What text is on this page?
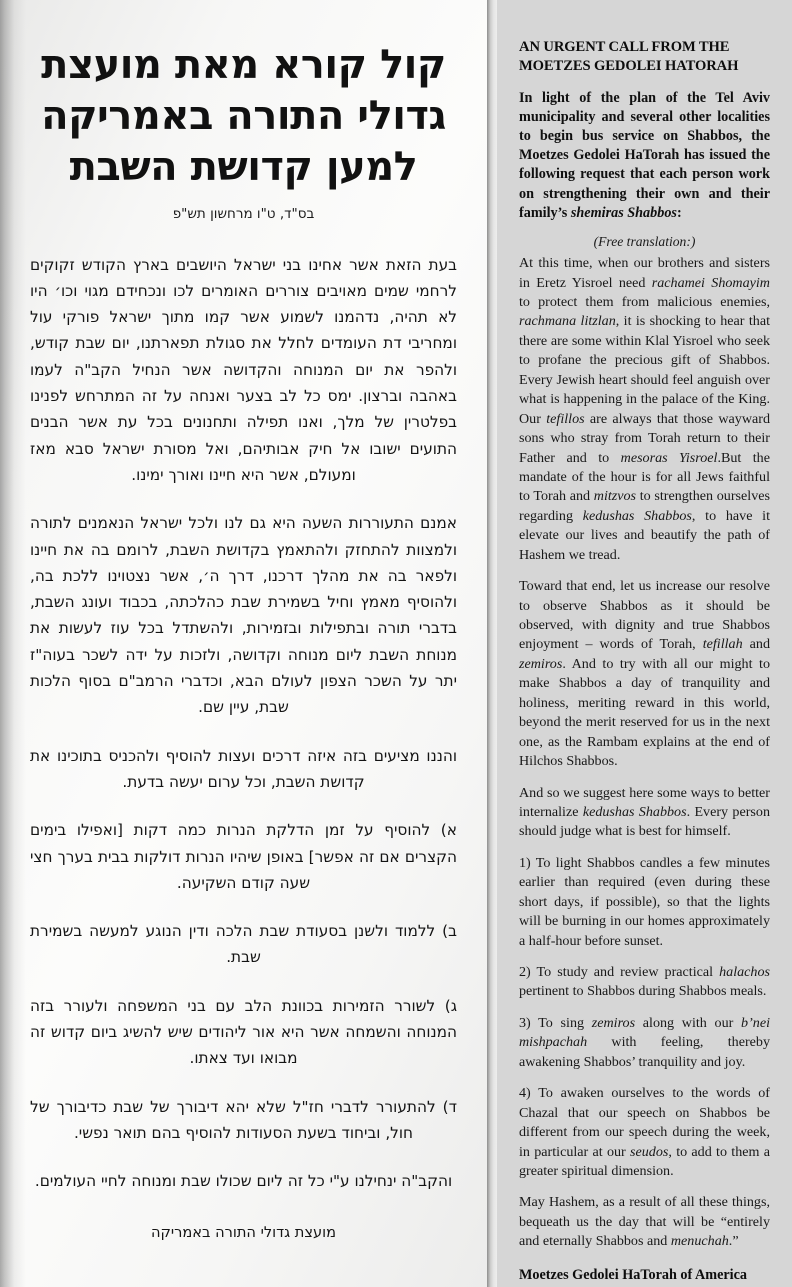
קול קורא מאת מועצת
גדולי התורה באמריקה
למען קדושת השבת
בס"ד, ט"ו מרחשון תש"פ

בעת הזאת אשר אחינו בני ישראל היושבים בארץ הקודש זקוקים לרחמי שמים מאויבים צוררים האומרים לכו ונכחידם מגוי וכו׳ היו לא תהיה, נדהמנו לשמוע אשר קמו מתוך ישראל פורקי עול ומחריבי דת העומדים לחלל את סגולת תפארתנו, יום שבת קודש, ולהפר את יום המנוחה והקדושה אשר הנחיל הקב"ה לעמו באהבה וברצון. ימס כל לב בצער ואנחה על זה המתרחש לפנינו בפלטרין של מלך, ואנו תפילה ותחנונים בכל עת אשר הבנים התועים ישובו אל חיק אבותיהם, ואל מסורת ישראל סבא מאז ומעולם, אשר היא חיינו ואורך ימינו.

אמנם התעוררות השעה היא גם לנו ולכל ישראל הנאמנים לתורה ולמצוות להתחזק ולהתאמץ בקדושת השבת, לרומם בה את חיינו ולפאר בה את מהלך דרכנו, דרך ה׳, אשר נצטוינו ללכת בה, ולהוסיף מאמץ וחיל בשמירת שבת כהלכתה, בכבוד ועונג השבת, בדברי תורה ובתפילות ובזמירות, ולהשתדל בכל עוז לעשות את מנוחת השבת ליום מנוחה וקדושה, ולזכות על ידה לשכר בעוה"ז יתר על השכר הצפון לעולם הבא, וכדברי הרמב"ם בסוף הלכות שבת, עיין שם.

והננו מציעים בזה איזה דרכים ועצות להוסיף ולהכניס בתוכינו את קדושת השבת, וכל ערום יעשה בדעת.

א) להוסיף על זמן הדלקת הנרות כמה דקות [ואפילו בימים הקצרים אם זה אפשר] באופן שיהיו הנרות דולקות בבית בערך חצי שעה קודם השקיעה.

ב) ללמוד ולשנן בסעודת שבת הלכה ודין הנוגע למעשה בשמירת שבת.

ג) לשורר הזמירות בכוונת הלב עם בני המשפחה ולעורר בזה המנוחה והשמחה אשר היא אור ליהודים שיש להשיג ביום קדוש זה מבואו ועד צאתו.

ד) להתעורר לדברי חז"ל שלא יהא דיבורך של שבת כדיבורך של חול, וביחוד בשעת הסעודות להוסיף בהם תואר נפשי.

והקב"ה ינחילנו ע"י כל זה ליום שכולו שבת ומנוחה לחיי העולמים.

מועצת גדולי התורה באמריקה
AN URGENT CALL FROM THE MOETZES GEDOLEI HATORAH

In light of the plan of the Tel Aviv municipality and several other localities to begin bus service on Shabbos, the Moetzes Gedolei HaTorah has issued the following request that each person work on strengthening their own and their family’s shemiras Shabbos:

(Free translation:)

At this time, when our brothers and sisters in Eretz Yisroel need rachamei Shomayim to protect them from malicious enemies, rachmana litzlan, it is shocking to hear that there are some within Klal Yisroel who seek to profane the precious gift of Shabbos. Every Jewish heart should feel anguish over what is happening in the palace of the King. Our tefillos are always that those wayward sons who stray from Torah return to their Father and to mesoras Yisroel.But the mandate of the hour is for all Jews faithful to Torah and mitzvos to strengthen ourselves regarding kedushas Shabbos, to have it elevate our lives and beautify the path of Hashem we tread.

Toward that end, let us increase our resolve to observe Shabbos as it should be observed, with dignity and true Shabbos enjoyment – words of Torah, tefillah and zemiros. And to try with all our might to make Shabbos a day of tranquility and holiness, meriting reward in this world, beyond the merit reserved for us in the next one, as the Rambam explains at the end of Hilchos Shabbos.

And so we suggest here some ways to better internalize kedushas Shabbos. Every person should judge what is best for himself.

1) To light Shabbos candles a few minutes earlier than required (even during these short days, if possible), so that the lights will be burning in our homes approximately a half-hour before sunset.

2) To study and review practical halachos pertinent to Shabbos during Shabbos meals.

3) To sing zemiros along with our b’nei mishpachah with feeling, thereby awakening Shabbos’ tranquility and joy.

4) To awaken ourselves to the words of Chazal that our speech on Shabbos be different from our speech during the week, in particular at our seudos, to add to them a greater spiritual dimension.

May Hashem, as a result of all these things, bequeath us the day that will be “entirely and eternally Shabbos and menuchah.”

Moetzes Gedolei HaTorah of America
